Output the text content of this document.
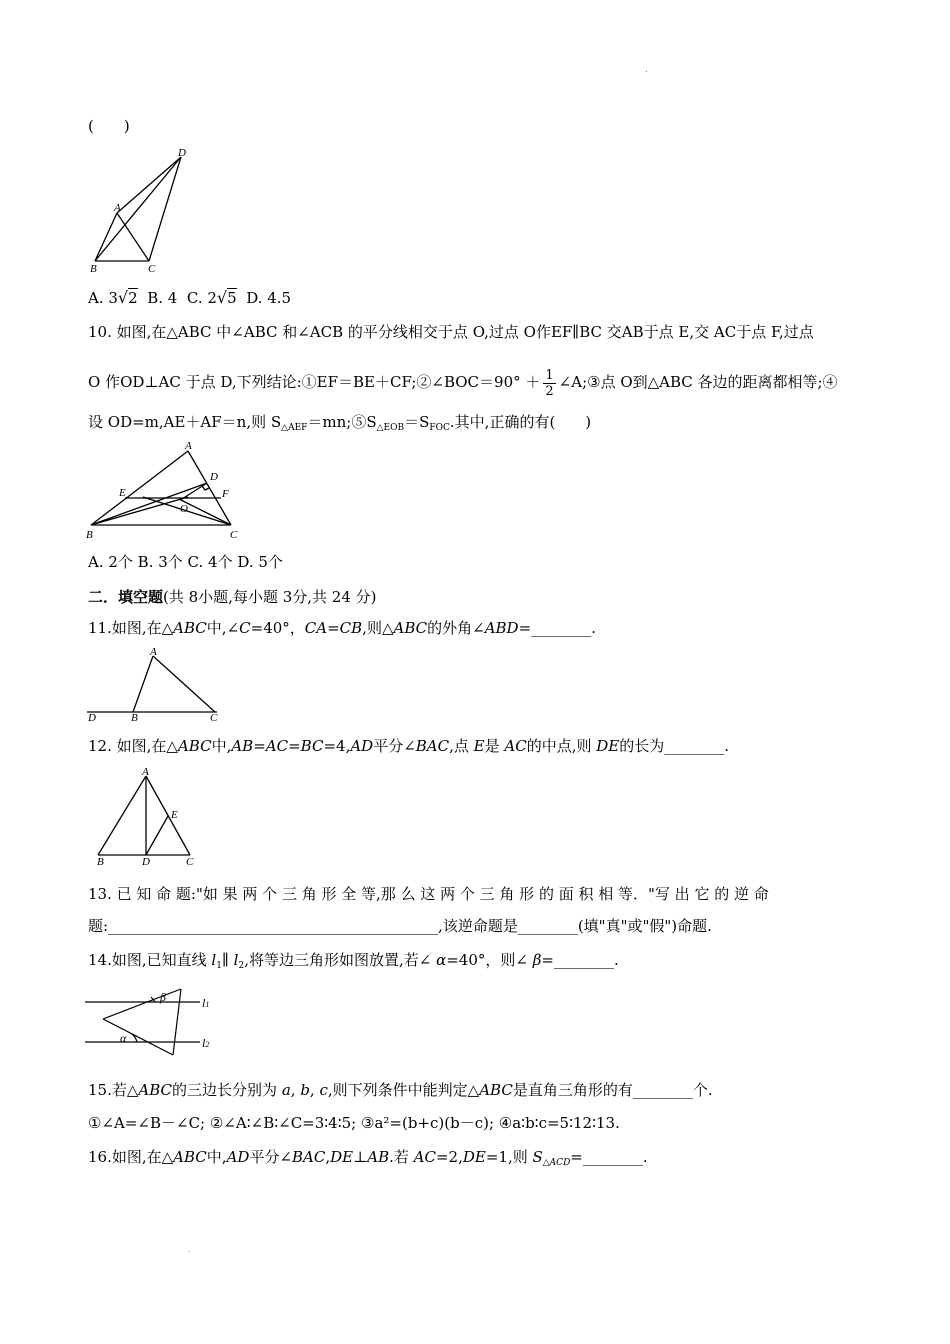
.
(　　)
D
A
B	C
A. 3√2 B. 4 C. 2√5 D. 4.5
10. 如图,在△ABC 中∠ABC 和∠ACB 的平分线相交于点 O,过点 O作EF∥BC 交AB于点 E,交 AC于点 F,过点
O 作OD⊥AC 于点 D,下列结论:①EF＝BE＋CF;②∠BOC＝90° ＋ $\frac{1}{2}$ ∠A;③点 O到△ABC 各边的距离都相等;④
设 OD=m,AE＋AF＝n,则 $S_{\triangle AEF}=mn;⑤S_{\triangle EOB}=S_{FOC}$.其中,正确的有(　　)
A
D
E	F
O
B	C
A. 2个 B. 3个 C. 4个 D. 5个
二．填空题(共 8小题,每小题 3分,共 24 分)
11.如图,在△ABC中,∠C=40°，CA=CB,则△ABC的外角∠ABD=________.
A
D	B	C
12. 如图,在△ABC中,AB=AC=BC=4,AD平分∠BAC,点 E是 AC的中点,则 DE的长为________.
A
E
B	D	C
13. 已 知 命 题:"如 果 两 个 三 角 形 全 等,那 么 这 两 个 三 角 形 的 面 积 相 等．"写 出 它 的 逆 命
题:____________________________________________,该逆命题是________(填"真"或"假")命题.
14.如图,已知直线 $l_1\parallel$ $l_2$,将等边三角形如图放置,若∠ α=40°，则∠ β=________.
β
α
l1
l2
15.若△ABC的三边长分别为 a, b, c,则下列条件中能判定△ABC是直角三角形的有________个.
①∠A=∠B－∠C; ②∠A∶∠B∶∠C=3∶4∶5; ③a²=(b+c)(b－c); ④a∶b∶c=5∶12∶13.
16.如图,在△ABC中,AD平分∠BAC,DE⊥AB.若 AC=2,DE=1,则 $S_{\triangle ACD}=\_\_\_\_\_\_\_\_$.
.
